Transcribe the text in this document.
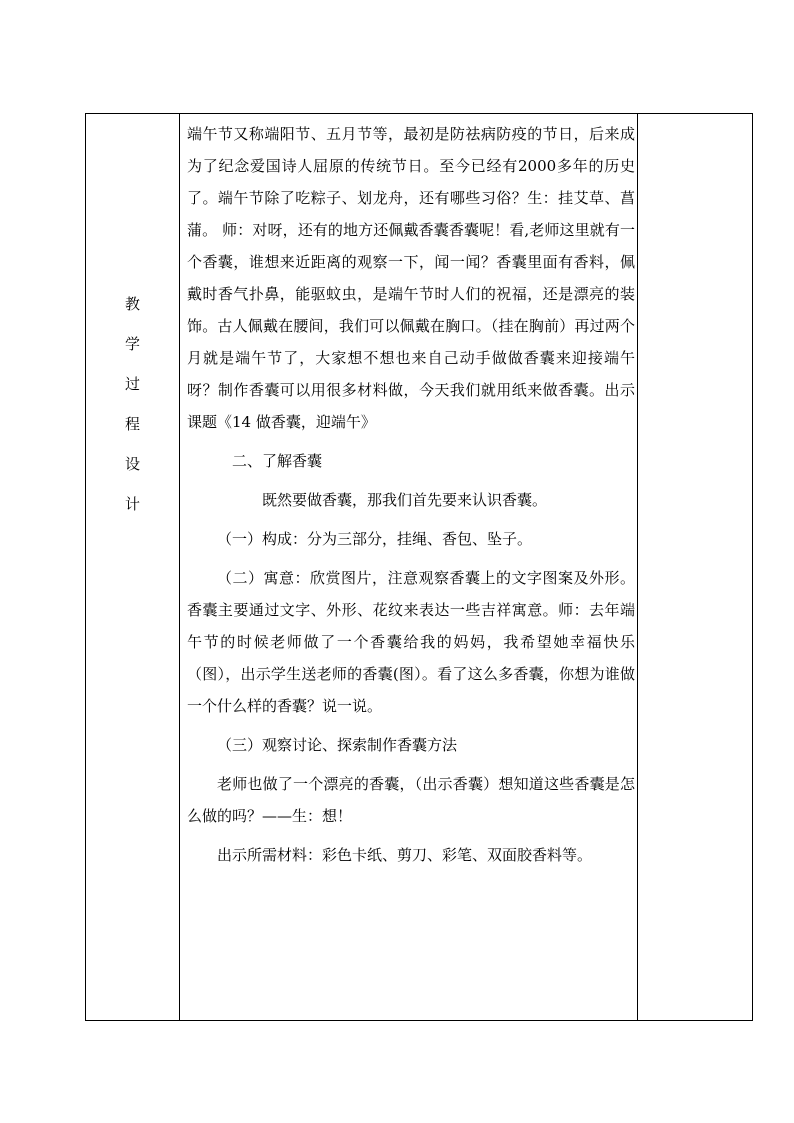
教
学
过
程
设
计

端午节又称端阳节、五月节等，最初是防祛病防疫的节日，后来成为了纪念爱国诗人屈原的传统节日。至今已经有2000多年的历史了。端午节除了吃粽子、划龙舟，还有哪些习俗？生：挂艾草、菖蒲。 师：对呀，还有的地方还佩戴香囊香囊呢！看,老师这里就有一个香囊，谁想来近距离的观察一下，闻一闻？香囊里面有香料，佩戴时香气扑鼻，能驱蚊虫，是端午节时人们的祝福，还是漂亮的装饰。古人佩戴在腰间，我们可以佩戴在胸口。（挂在胸前）再过两个月就是端午节了，大家想不想也来自己动手做做香囊来迎接端午呀？制作香囊可以用很多材料做，今天我们就用纸来做香囊。出示课题《14 做香囊，迎端午》

二、了解香囊

既然要做香囊，那我们首先要来认识香囊。

（一）构成：分为三部分，挂绳、香包、坠子。

（二）寓意：欣赏图片，注意观察香囊上的文字图案及外形。香囊主要通过文字、外形、花纹来表达一些吉祥寓意。师：去年端午节的时候老师做了一个香囊给我的妈妈，我希望她幸福快乐（图），出示学生送老师的香囊(图）。看了这么多香囊，你想为谁做一个什么样的香囊？说一说。

（三）观察讨论、探索制作香囊方法

老师也做了一个漂亮的香囊，（出示香囊）想知道这些香囊是怎么做的吗？——生：想！

出示所需材料：彩色卡纸、剪刀、彩笔、双面胶香料等。
